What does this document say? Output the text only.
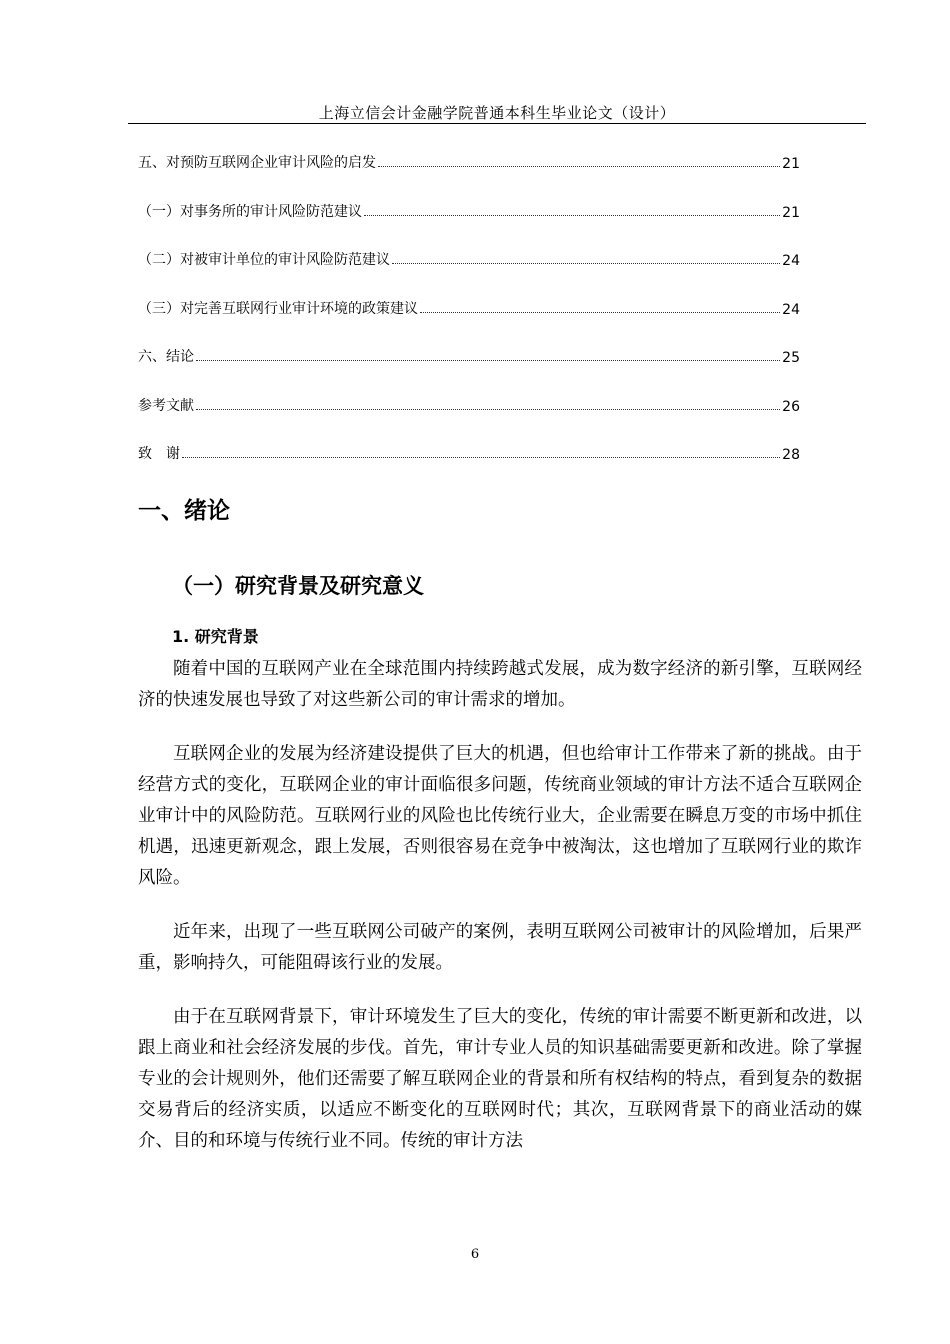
上海立信会计金融学院普通本科生毕业论文（设计）
五、对预防互联网企业审计风险的启发	21
（一）对事务所的审计风险防范建议	21
（二）对被审计单位的审计风险防范建议	24
（三）对完善互联网行业审计环境的政策建议	24
六、结论	25
参考文献	26
致　谢	28
一、绪论
（一）研究背景及研究意义
1. 研究背景

随着中国的互联网产业在全球范围内持续跨越式发展，成为数字经济的新引擎，互联网经济的快速发展也导致了对这些新公司的审计需求的增加。

互联网企业的发展为经济建设提供了巨大的机遇，但也给审计工作带来了新的挑战。由于经营方式的变化，互联网企业的审计面临很多问题，传统商业领域的审计方法不适合互联网企业审计中的风险防范。互联网行业的风险也比传统行业大，企业需要在瞬息万变的市场中抓住机遇，迅速更新观念，跟上发展，否则很容易在竞争中被淘汰，这也增加了互联网行业的欺诈风险。

近年来，出现了一些互联网公司破产的案例，表明互联网公司被审计的风险增加，后果严重，影响持久，可能阻碍该行业的发展。

由于在互联网背景下，审计环境发生了巨大的变化，传统的审计需要不断更新和改进，以跟上商业和社会经济发展的步伐。首先，审计专业人员的知识基础需要更新和改进。除了掌握专业的会计规则外，他们还需要了解互联网企业的背景和所有权结构的特点，看到复杂的数据交易背后的经济实质，以适应不断变化的互联网时代；其次，互联网背景下的商业活动的媒介、目的和环境与传统行业不同。传统的审计方法

6
